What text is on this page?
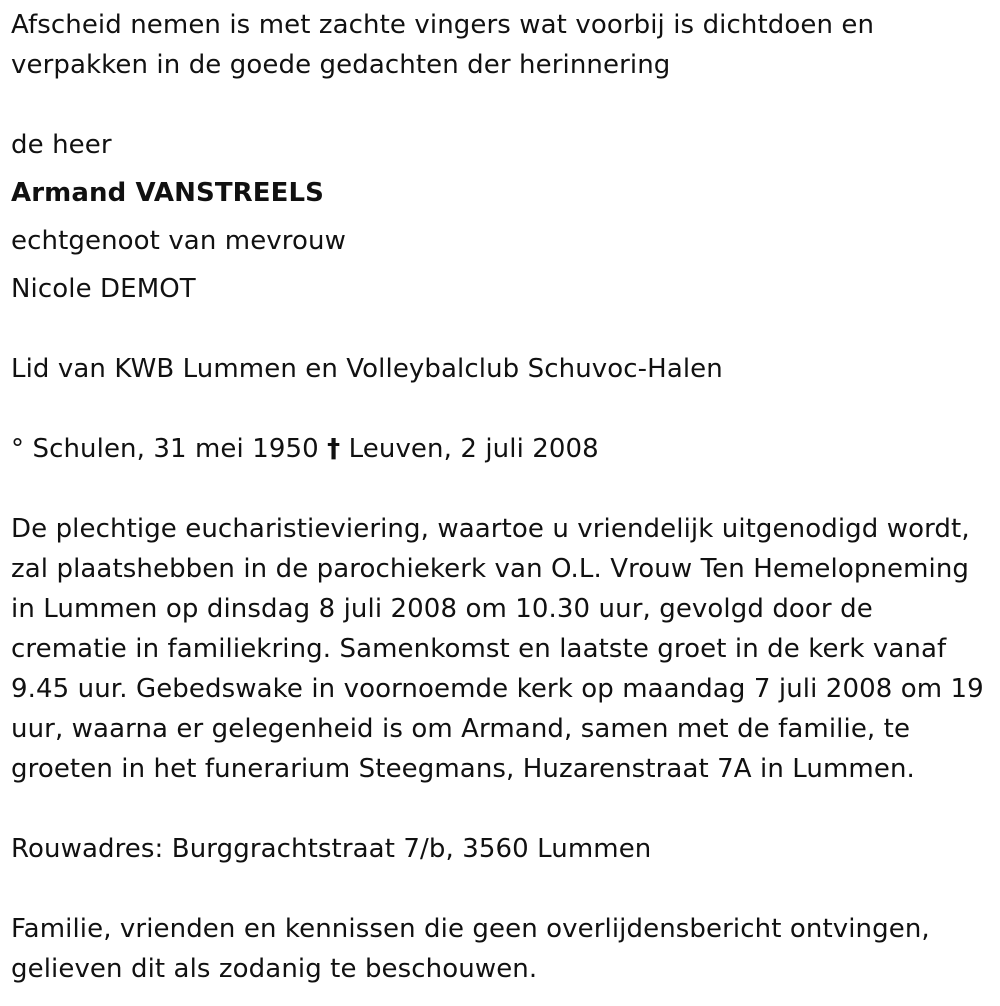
Afscheid nemen is met zachte vingers wat voorbij is dichtdoen en
verpakken in de goede gedachten der herinnering
de heer
Armand VANSTREELS
echtgenoot van mevrouw
Nicole DEMOT
Lid van KWB Lummen en Volleybalclub Schuvoc-Halen
° Schulen, 31 mei 1950 † Leuven, 2 juli 2008
De plechtige eucharistieviering, waartoe u vriendelijk uitgenodigd wordt,
zal plaatshebben in de parochiekerk van O.L. Vrouw Ten Hemelopneming
in Lummen op dinsdag 8 juli 2008 om 10.30 uur, gevolgd door de
crematie in familiekring. Samenkomst en laatste groet in de kerk vanaf
9.45 uur. Gebedswake in voornoemde kerk op maandag 7 juli 2008 om 19
uur, waarna er gelegenheid is om Armand, samen met de familie, te
groeten in het funerarium Steegmans, Huzarenstraat 7A in Lummen.
Rouwadres: Burggrachtstraat 7/b, 3560 Lummen
Familie, vrienden en kennissen die geen overlijdensbericht ontvingen,
gelieven dit als zodanig te beschouwen.
